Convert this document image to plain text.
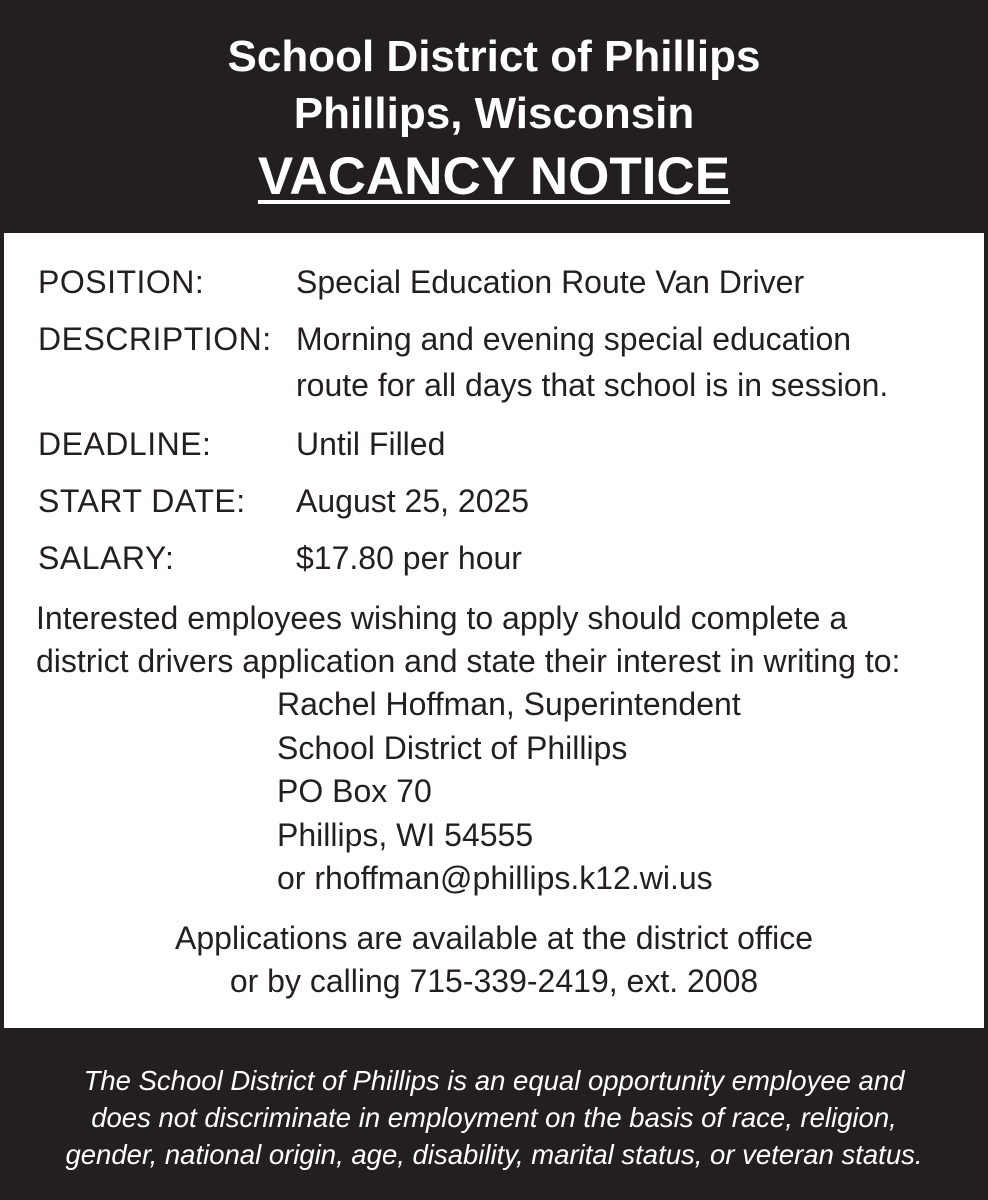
School District of Phillips
Phillips, Wisconsin
VACANCY NOTICE
POSITION:	Special Education Route Van Driver
DESCRIPTION: Morning and evening special education
route for all days that school is in session.
DEADLINE:	Until Filled
START DATE: August 25, 2025
SALARY:	$17.80 per hour
Interested employees wishing to apply should complete a
district drivers application and state their interest in writing to:
Rachel Hoffman, Superintendent
School District of Phillips
PO Box 70
Phillips, WI 54555
or rhoffman@phillips.k12.wi.us
Applications are available at the district office
or by calling 715-339-2419, ext. 2008
The School District of Phillips is an equal opportunity employee and
does not discriminate in employment on the basis of race, religion,
gender, national origin, age, disability, marital status, or veteran status.
